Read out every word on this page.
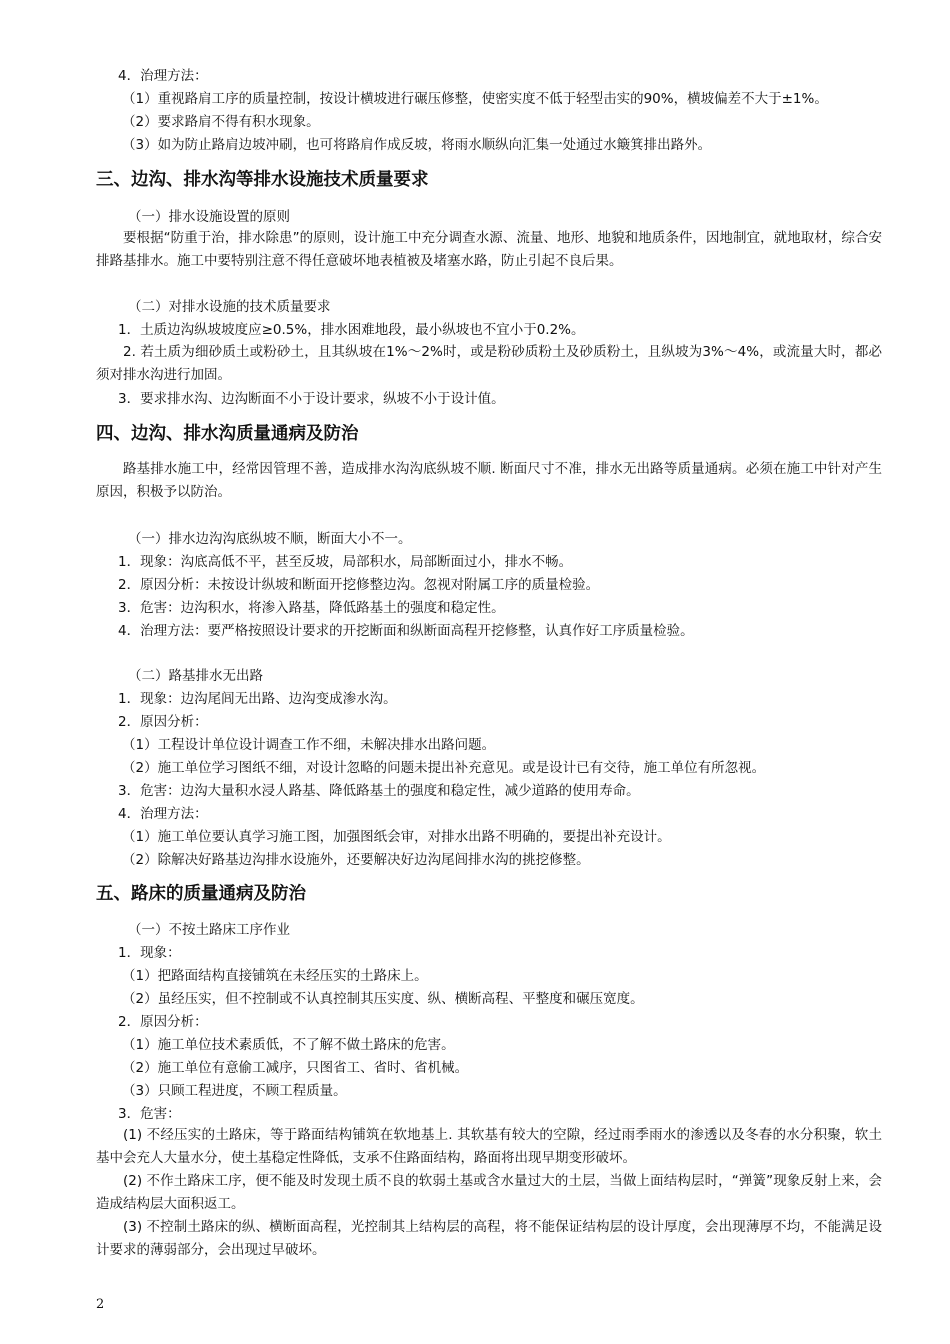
4．治理方法：
（1）重视路肩工序的质量控制，按设计横坡进行碾压修整，使密实度不低于轻型击实的90%，横坡偏差不大于±1%。
（2）要求路肩不得有积水现象。
（3）如为防止路肩边坡冲刷，也可将路肩作成反坡，将雨水顺纵向汇集一处通过水簸箕排出路外。
三、边沟、排水沟等排水设施技术质量要求
（一）排水设施设置的原则
要根据“防重于治，排水除患”的原则，设计施工中充分调查水源、流量、地形、地貌和地质条件，因地制宜，就地取材，综合安排路基排水。施工中要特别注意不得任意破坏地表植被及堵塞水路，防止引起不良后果。
（二）对排水设施的技术质量要求
1．土质边沟纵坡坡度应≥0.5%，排水困难地段，最小纵坡也不宜小于0.2%。
2. 若土质为细砂质土或粉砂土，且其纵坡在1%～2%时，或是粉砂质粉土及砂质粉土，且纵坡为3%～4%，或流量大时，都必须对排水沟进行加固。
3．要求排水沟、边沟断面不小于设计要求，纵坡不小于设计值。
四、边沟、排水沟质量通病及防治
路基排水施工中，经常因管理不善，造成排水沟沟底纵坡不顺. 断面尺寸不准，排水无出路等质量通病。必须在施工中针对产生原因，积极予以防治。
（一）排水边沟沟底纵坡不顺，断面大小不一。
1．现象：沟底高低不平，甚至反坡，局部积水，局部断面过小，排水不畅。
2．原因分析：未按设计纵坡和断面开挖修整边沟。忽视对附属工序的质量检验。
3．危害：边沟积水，将渗入路基，降低路基土的强度和稳定性。
4．治理方法：要严格按照设计要求的开挖断面和纵断面高程开挖修整，认真作好工序质量检验。
（二）路基排水无出路
1．现象：边沟尾闾无出路、边沟变成渗水沟。
2．原因分析：
（1）工程设计单位设计调查工作不细，未解决排水出路问题。
（2）施工单位学习图纸不细，对设计忽略的问题未提出补充意见。或是设计已有交待，施工单位有所忽视。
3．危害：边沟大量积水浸人路基、降低路基土的强度和稳定性，减少道路的使用寿命。
4．治理方法：
（1）施工单位要认真学习施工图，加强图纸会审，对排水出路不明确的，要提出补充设计。
（2）除解决好路基边沟排水设施外，还要解决好边沟尾闾排水沟的挑挖修整。
五、路床的质量通病及防治
（一）不按土路床工序作业
1．现象：
（1）把路面结构直接铺筑在未经压实的土路床上。
（2）虽经压实，但不控制或不认真控制其压实度、纵、横断高程、平整度和碾压宽度。
2．原因分析：
（1）施工单位技术素质低，不了解不做土路床的危害。
（2）施工单位有意偷工减序，只图省工、省时、省机械。
（3）只顾工程进度，不顾工程质量。
3．危害：
(1) 不经压实的土路床，等于路面结构铺筑在软地基上. 其软基有较大的空隙，经过雨季雨水的渗透以及冬春的水分积聚，软土基中会充人大量水分，使土基稳定性降低，支承不住路面结构，路面将出现早期变形破坏。
(2) 不作土路床工序，便不能及时发现土质不良的软弱土基或含水量过大的土层，当做上面结构层时，“弹簧”现象反射上来，会造成结构层大面积返工。
(3) 不控制土路床的纵、横断面高程，光控制其上结构层的高程，将不能保证结构层的设计厚度，会出现薄厚不均，不能满足设计要求的薄弱部分，会出现过早破坏。
2
